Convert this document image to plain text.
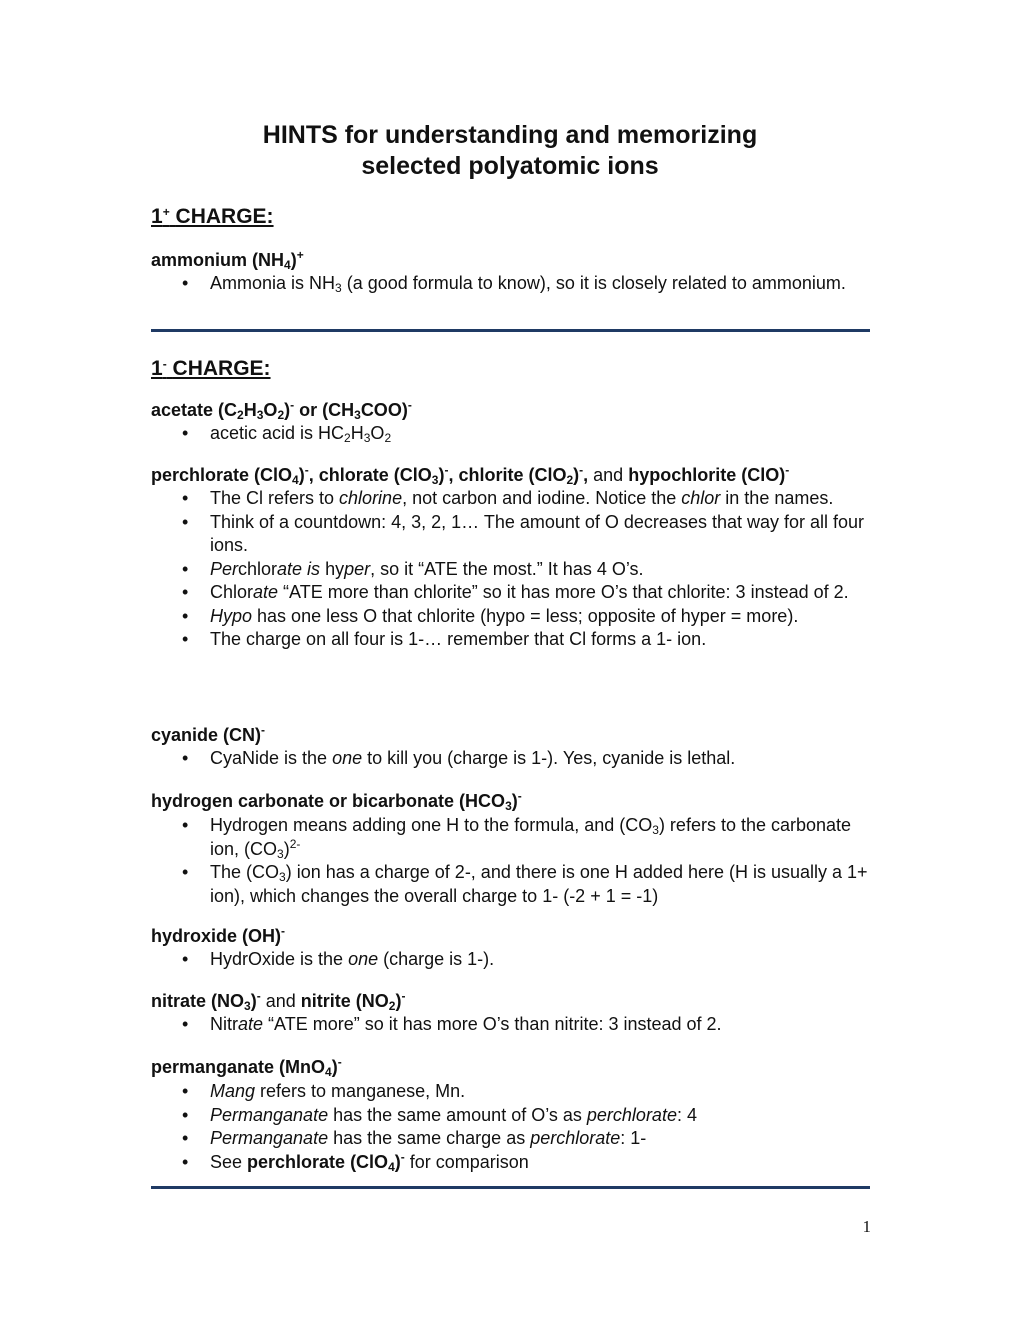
HINTS for understanding and memorizing
selected polyatomic ions
1+ CHARGE:
ammonium $(NH_4)^+$
• Ammonia is $NH_3$ (a good formula to know), so it is closely related to ammonium.
1- CHARGE:
acetate $(C_2H_3O_2)^-$ or $(CH_3COO)^-$
• acetic acid is $HC_2H_3O_2$
perchlorate (ClO$_4$)-, chlorate (ClO$_3$)-, chlorite (ClO$_2$)-, and hypochlorite (ClO)-
• The Cl refers to chlorine, not carbon and iodine. Notice the chlor in the names.
• Think of a countdown: 4, 3, 2, 1… The amount of O decreases that way for all four ions.
• Perchlorate is hyper, so it “ATE the most.” It has 4 O’s.
• Chlorate “ATE more than chlorite” so it has more O’s that chlorite: 3 instead of 2.
• Hypo has one less O that chlorite (hypo = less; opposite of hyper = more).
• The charge on all four is 1-… remember that Cl forms a 1- ion.
cyanide (CN)-
• CyaNide is the one to kill you (charge is 1-). Yes, cyanide is lethal.
hydrogen carbonate or bicarbonate $(HCO_3)^-$
• Hydrogen means adding one H to the formula, and $(CO_3)$ refers to the carbonate ion, $(CO_3)^{2-}$
• The $(CO_3)$ ion has a charge of 2-, and there is one H added here (H is usually a 1+ ion), which changes the overall charge to 1- (-2 + 1 = -1)
hydroxide (OH)-
• HydrOxide is the one (charge is 1-).
nitrate $(NO_3)^-$ and nitrite $(NO_2)^-$
• Nitrate “ATE more” so it has more O’s than nitrite: 3 instead of 2.
permanganate (MnO$_4$)-
• Mang refers to manganese, Mn.
• Permanganate has the same amount of O’s as perchlorate: 4
• Permanganate has the same charge as perchlorate: 1-
• See perchlorate (ClO$_4$)- for comparison
1
